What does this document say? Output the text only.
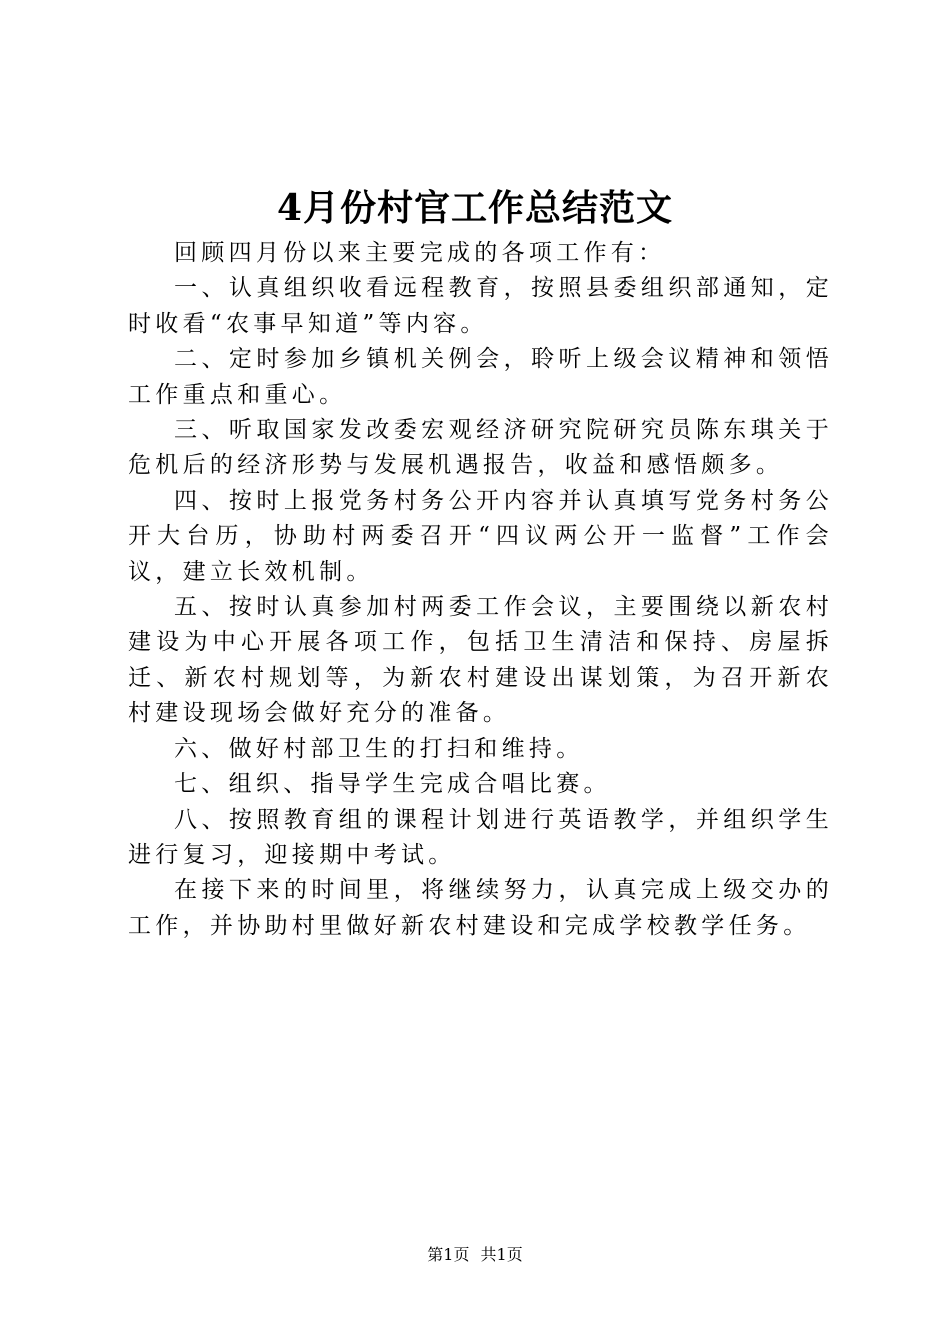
4月份村官工作总结范文

回顾四月份以来主要完成的各项工作有：

一、认真组织收看远程教育，按照县委组织部通知，定时收看“农事早知道”等内容。

二、定时参加乡镇机关例会，聆听上级会议精神和领悟工作重点和重心。

三、听取国家发改委宏观经济研究院研究员陈东琪关于危机后的经济形势与发展机遇报告，收益和感悟颇多。

四、按时上报党务村务公开内容并认真填写党务村务公开大台历，协助村两委召开“四议两公开一监督”工作会议，建立长效机制。

五、按时认真参加村两委工作会议，主要围绕以新农村建设为中心开展各项工作，包括卫生清洁和保持、房屋拆迁、新农村规划等，为新农村建设出谋划策，为召开新农村建设现场会做好充分的准备。

六、做好村部卫生的打扫和维持。

七、组织、指导学生完成合唱比赛。

八、按照教育组的课程计划进行英语教学，并组织学生进行复习，迎接期中考试。

在接下来的时间里，将继续努力，认真完成上级交办的工作，并协助村里做好新农村建设和完成学校教学任务。

第1页 共1页
